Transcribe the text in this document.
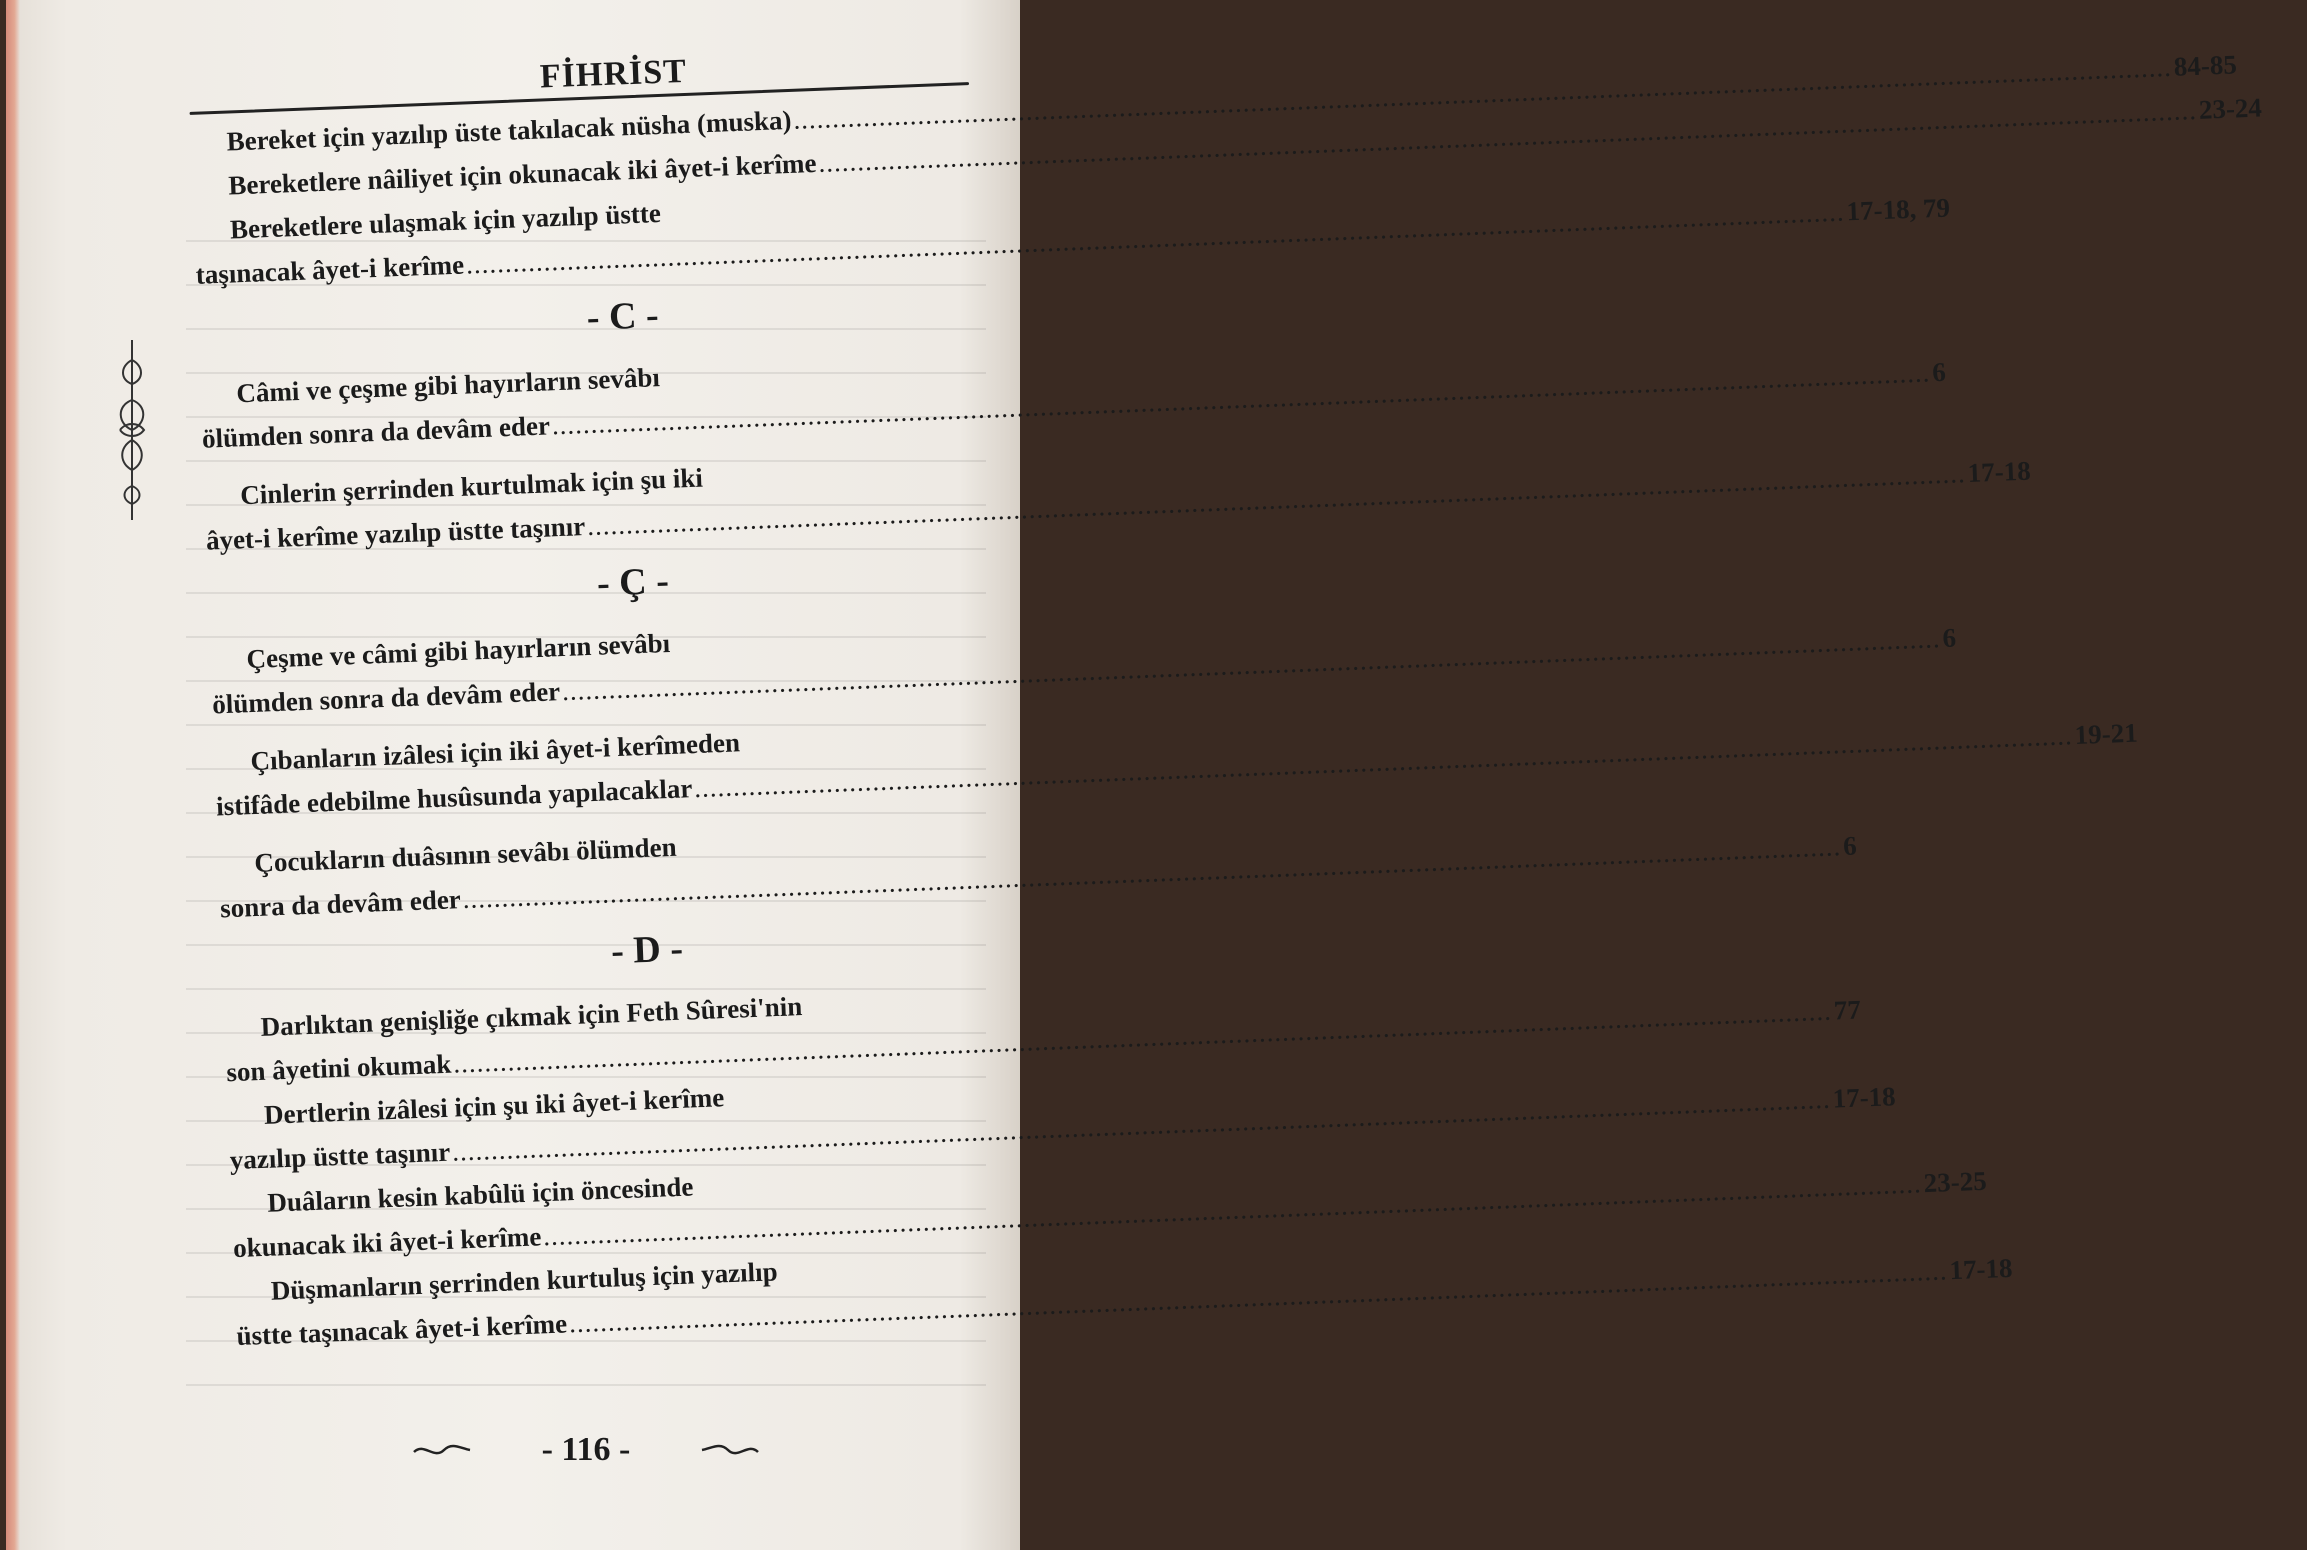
FİHRİST
Bereket için yazılıp üste takılacak nüsha (muska)
.....
84-85
Bereketlere nâiliyet için okunacak iki âyet-i kerîme
.....
23-24
Bereketlere ulaşmak için yazılıp üstte
taşınacak âyet-i kerîme
.....
17-18, 79
- C -
Câmi ve çeşme gibi hayırların sevâbı
ölümden sonra da devâm eder
.....
6
Cinlerin şerrinden kurtulmak için şu iki
âyet-i kerîme yazılıp üstte taşınır
.....
17-18
- Ç -
Çeşme ve câmi gibi hayırların sevâbı
ölümden sonra da devâm eder
.....
6
Çıbanların izâlesi için iki âyet-i kerîmeden
istifâde edebilme husûsunda yapılacaklar
.....
19-21
Çocukların duâsının sevâbı ölümden
sonra da devâm eder
.....
6
- D -
Darlıktan genişliğe çıkmak için Feth Sûresi'nin
son âyetini okumak
.....
77
Dertlerin izâlesi için şu iki âyet-i kerîme
yazılıp üstte taşınır
.....
17-18
Duâların kesin kabûlü için öncesinde
okunacak iki âyet-i kerîme
.....
23-25
Düşmanların şerrinden kurtuluş için yazılıp
üstte taşınacak âyet-i kerîme
.....
17-18
- 116 -
